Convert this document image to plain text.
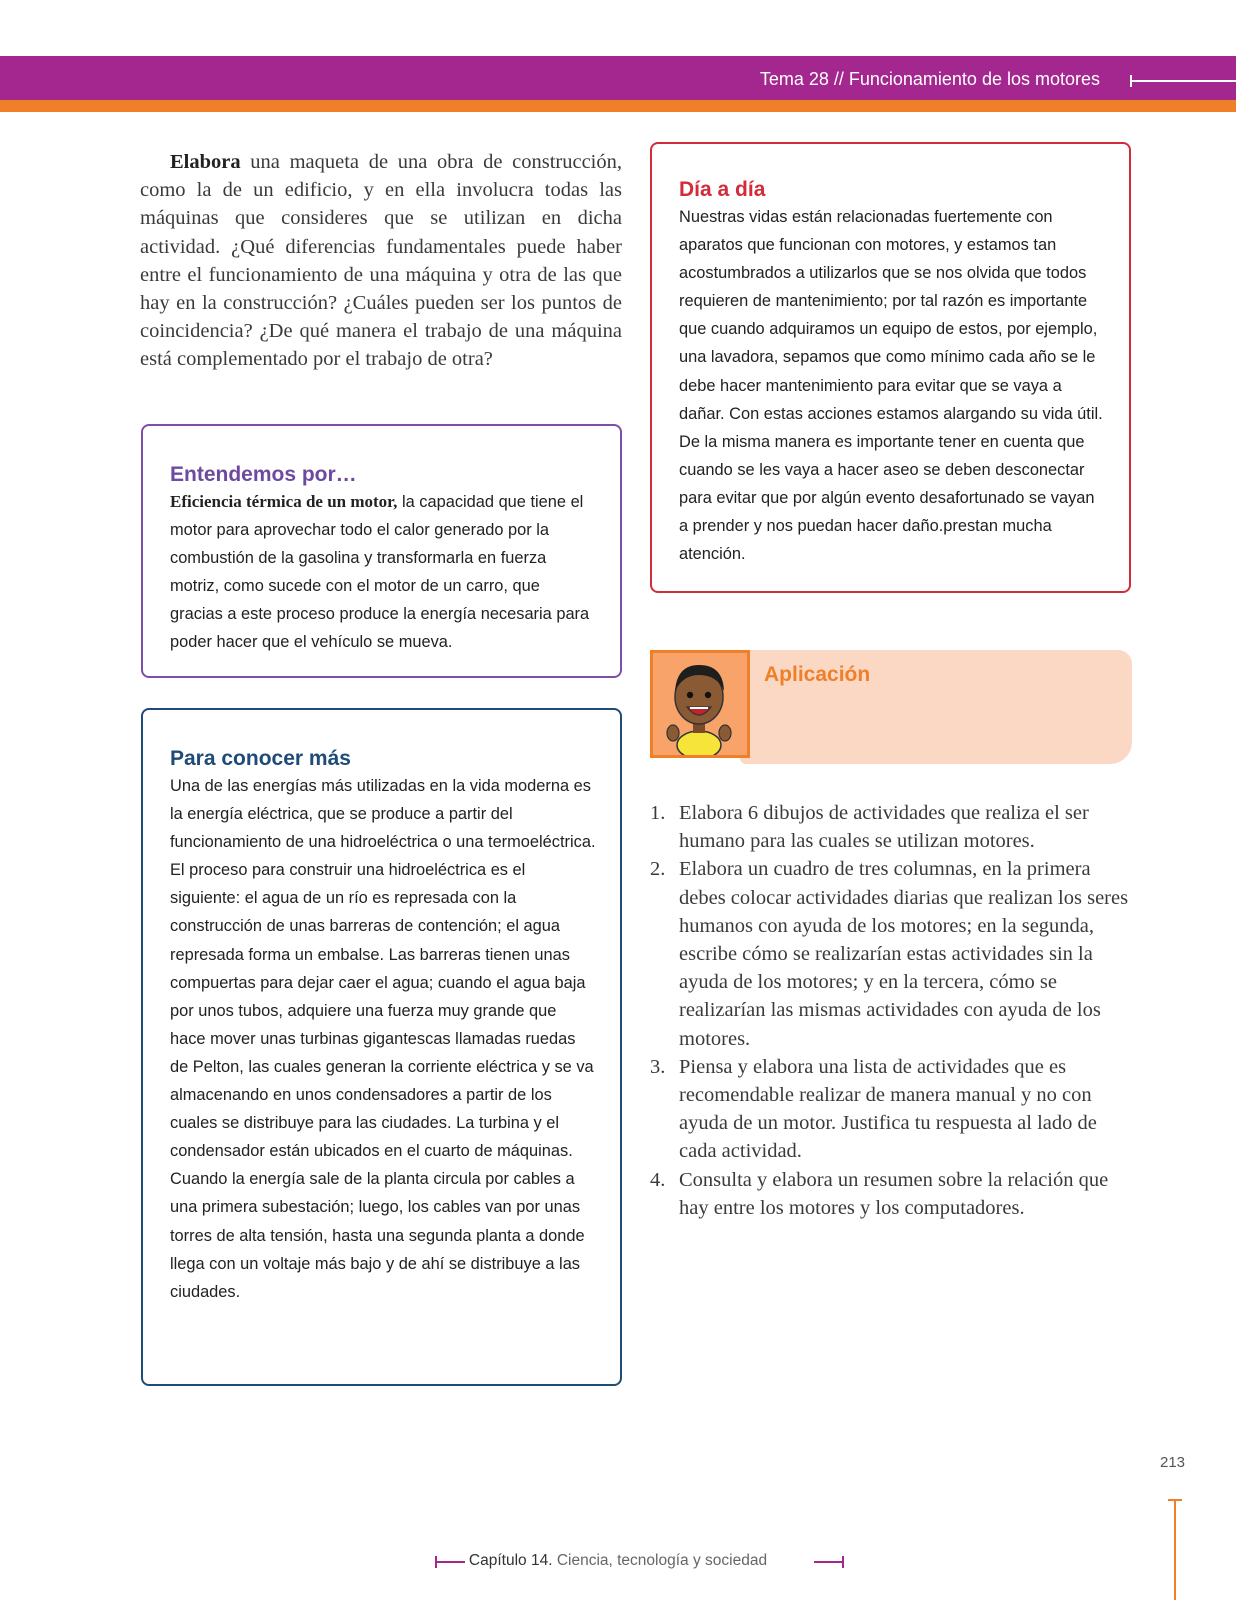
Tema 28 // Funcionamiento de los motores

Elabora una maqueta de una obra de construcción, como la de un edificio, y en ella involucra todas las máquinas que consideres que se utilizan en dicha actividad. ¿Qué diferencias fundamentales puede haber entre el funcionamiento de una máquina y otra de las que hay en la construcción? ¿Cuáles pueden ser los puntos de coincidencia? ¿De qué manera el trabajo de una máquina está complementado por el trabajo de otra?

Entendemos por…

Eficiencia térmica de un motor, la capacidad que tiene el motor para aprovechar todo el calor generado por la combustión de la gasolina y transformarla en fuerza motriz, como sucede con el motor de un carro, que gracias a este proceso produce la energía necesaria para poder hacer que el vehículo se mueva.

Para conocer más

Una de las energías más utilizadas en la vida moderna es la energía eléctrica, que se produce a partir del funcionamiento de una hidroeléctrica o una termoeléctrica.

El proceso para construir una hidroeléctrica es el siguiente: el agua de un río es represada con la construcción de unas barreras de contención; el agua represada forma un embalse. Las barreras tienen unas compuertas para dejar caer el agua; cuando el agua baja por unos tubos, adquiere una fuerza muy grande que hace mover unas turbinas gigantescas llamadas ruedas de Pelton, las cuales generan la corriente eléctrica y se va almacenando en unos condensadores a partir de los cuales se distribuye para las ciudades. La turbina y el condensador están ubicados en el cuarto de máquinas.

Cuando la energía sale de la planta circula por cables a una primera subestación; luego, los cables van por unas torres de alta tensión, hasta una segunda planta a donde llega con un voltaje más bajo y de ahí se distribuye a las ciudades.

Día a día

Nuestras vidas están relacionadas fuertemente con aparatos que funcionan con motores, y estamos tan acostumbrados a utilizarlos que se nos olvida que todos requieren de mantenimiento; por tal razón es importante que cuando adquiramos un equipo de estos, por ejemplo, una lavadora, sepamos que como mínimo cada año se le debe hacer mantenimiento para evitar que se vaya a dañar. Con estas acciones estamos alargando su vida útil. De la misma manera es importante tener en cuenta que cuando se les vaya a hacer aseo se deben desconectar para evitar que por algún evento desafortunado se vayan a prender y nos puedan hacer daño.prestan mucha atención.

Aplicación
1. Elabora 6 dibujos de actividades que realiza el ser humano para las cuales se utilizan motores.
2. Elabora un cuadro de tres columnas, en la primera debes colocar actividades diarias que realizan los seres humanos con ayuda de los motores; en la segunda, escribe cómo se realizarían estas actividades sin la ayuda de los motores; y en la tercera, cómo se realizarían las mismas actividades con ayuda de los motores.
3. Piensa y elabora una lista de actividades que es recomendable realizar de manera manual y no con ayuda de un motor. Justifica tu respuesta al lado de cada actividad.
4. Consulta y elabora un resumen sobre la relación que hay entre los motores y los computadores.
213
Capítulo 14. Ciencia, tecnología y sociedad
